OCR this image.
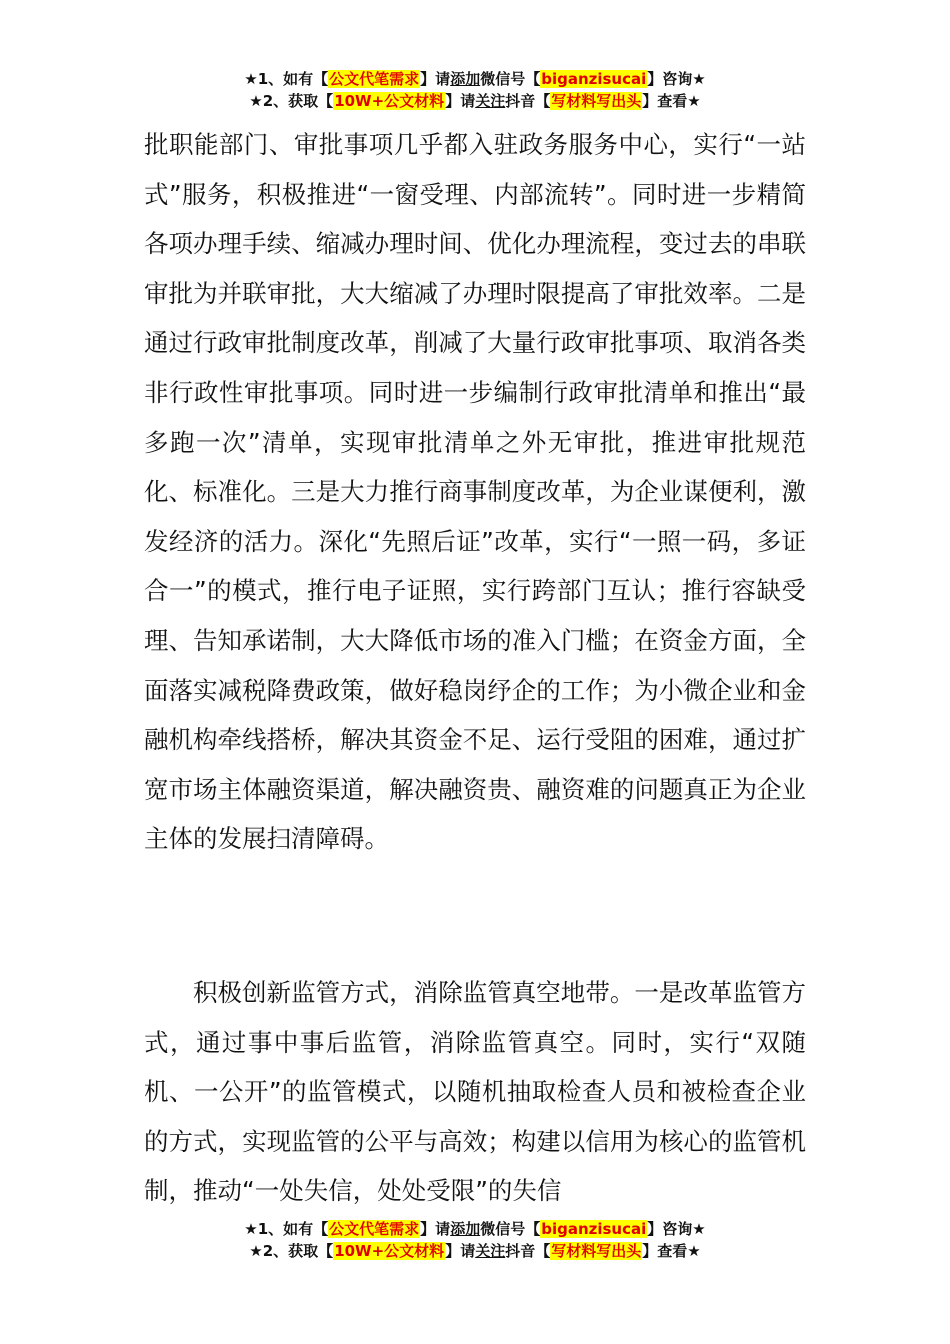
★1、如有【公文代笔需求】请添加微信号【biganzisucai】咨询★
★2、获取【10W+公文材料】请关注抖音【写材料写出头】查看★

批职能部门、审批事项几乎都入驻政务服务中心，实行“一站式”服务，积极推进“一窗受理、内部流转”。同时进一步精简各项办理手续、缩减办理时间、优化办理流程，变过去的串联审批为并联审批，大大缩减了办理时限提高了审批效率。二是通过行政审批制度改革，削减了大量行政审批事项、取消各类非行政性审批事项。同时进一步编制行政审批清单和推出“最多跑一次”清单，实现审批清单之外无审批，推进审批规范化、标准化。三是大力推行商事制度改革，为企业谋便利，激发经济的活力。深化“先照后证”改革，实行“一照一码，多证合一”的模式，推行电子证照，实行跨部门互认；推行容缺受理、告知承诺制，大大降低市场的准入门槛；在资金方面，全面落实减税降费政策，做好稳岗纾企的工作；为小微企业和金融机构牵线搭桥，解决其资金不足、运行受阻的困难，通过扩宽市场主体融资渠道，解决融资贵、融资难的问题真正为企业主体的发展扫清障碍。

积极创新监管方式，消除监管真空地带。一是改革监管方式，通过事中事后监管，消除监管真空。同时，实行“双随机、一公开”的监管模式，以随机抽取检查人员和被检查企业的方式，实现监管的公平与高效；构建以信用为核心的监管机制，推动“一处失信，处处受限”的失信

★1、如有【公文代笔需求】请添加微信号【biganzisucai】咨询★
★2、获取【10W+公文材料】请关注抖音【写材料写出头】查看★
